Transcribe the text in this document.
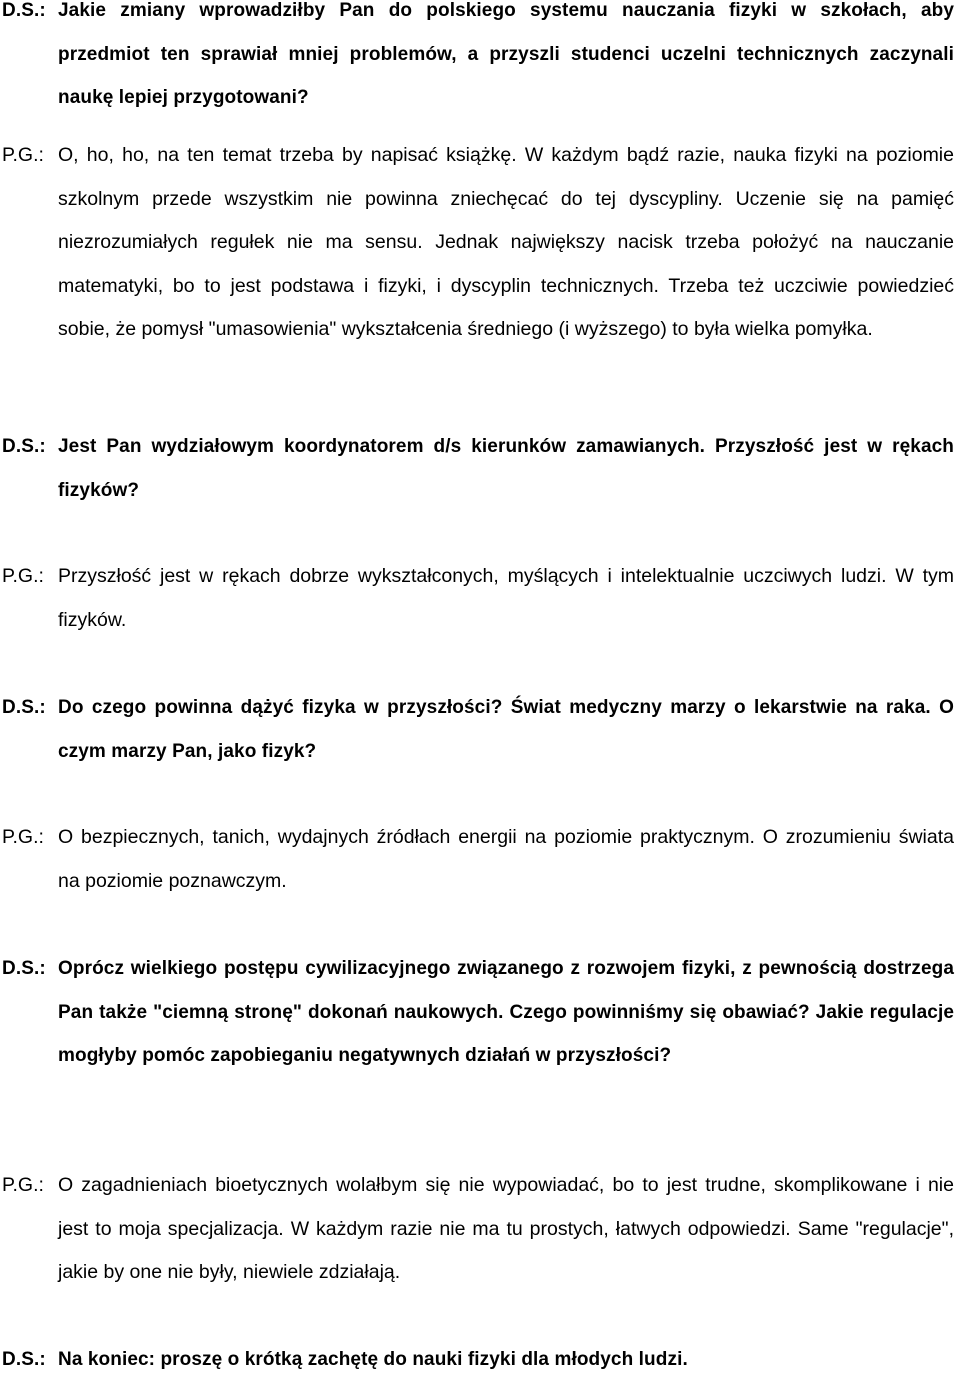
D.S.: Jakie zmiany wprowadziłby Pan do polskiego systemu nauczania fizyki w szkołach, aby przedmiot ten sprawiał mniej problemów, a przyszli studenci uczelni technicznych zaczynali naukę lepiej przygotowani?
P.G.: O, ho, ho, na ten temat trzeba by napisać książkę. W każdym bądź razie, nauka fizyki na poziomie szkolnym przede wszystkim nie powinna zniechęcać do tej dyscypliny. Uczenie się na pamięć niezrozumiałych regułek nie ma sensu. Jednak największy nacisk trzeba położyć na nauczanie matematyki, bo to jest podstawa i fizyki, i dyscyplin technicznych. Trzeba też uczciwie powiedzieć sobie, że pomysł "umasowienia" wykształcenia średniego (i wyższego) to była wielka pomyłka.
D.S.: Jest Pan wydziałowym koordynatorem d/s kierunków zamawianych. Przyszłość jest w rękach fizyków?
P.G.: Przyszłość jest w rękach dobrze wykształconych, myślących i intelektualnie uczciwych ludzi. W tym fizyków.
D.S.: Do czego powinna dążyć fizyka w przyszłości? Świat medyczny marzy o lekarstwie na raka. O czym marzy Pan, jako fizyk?
P.G.: O bezpiecznych, tanich, wydajnych źródłach energii na poziomie praktycznym. O zrozumieniu świata na poziomie poznawczym.
D.S.: Oprócz wielkiego postępu cywilizacyjnego związanego z rozwojem fizyki, z pewnością dostrzega Pan także "ciemną stronę" dokonań naukowych. Czego powinniśmy się obawiać? Jakie regulacje mogłyby pomóc zapobieganiu negatywnych działań w przyszłości?
P.G.: O zagadnieniach bioetycznych wolałbym się nie wypowiadać, bo to jest trudne, skomplikowane i nie jest to moja specjalizacja. W każdym razie nie ma tu prostych, łatwych odpowiedzi. Same "regulacje", jakie by one nie były, niewiele zdziałają.
D.S.: Na koniec: proszę o krótką zachętę do nauki fizyki dla młodych ludzi.
